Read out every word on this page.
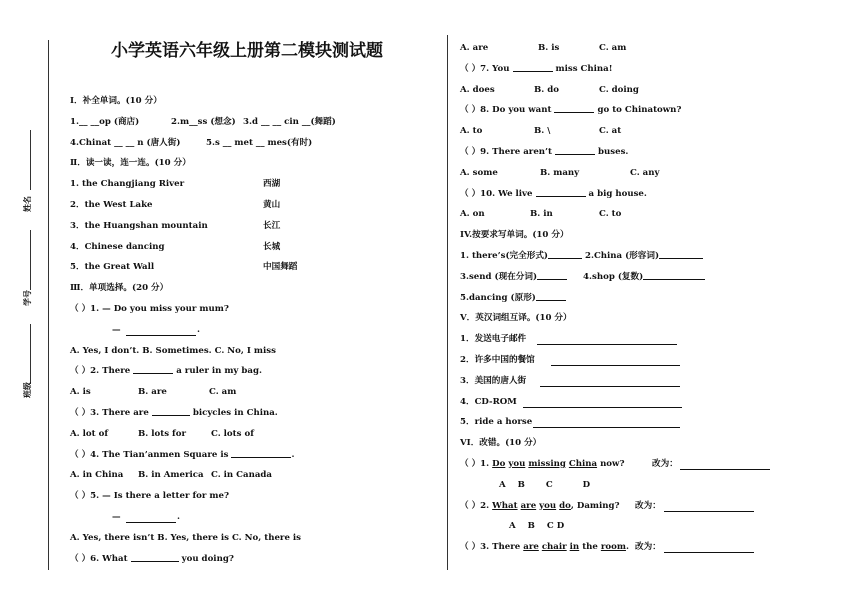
姓名
学号
班级
小学英语六年级上册第二模块测试题
Ⅰ．补全单词。(10 分）
1.__ __op (商店)	2.m__ss (想念) 3.d __ __ cin __(舞蹈)
4.Chinat __ __ n (唐人街)	5.s __ met __ mes(有时)
Ⅱ．读一读，连一连。(10 分）
1. the Changjiang River	西湖
2．the West Lake	黄山
3．the Huangshan mountain	长江
4．Chinese dancing	长城
5．the Great Wall	中国舞蹈
Ⅲ．单项选择。(20 分）
（ ）1. — Do you miss your mum?
—	.
A. Yes, I don’t. B. Sometimes. C. No, I miss
（ ）2. There	a ruler in my bag.
A. is	B. are	C. am
（ ）3. There are	bicycles in China.
A. lot of	B. lots for	C. lots of
（ ）4. The Tian’anmen Square is	.
A. in China B. in America C. in Canada
（ ）5. — Is there a letter for me?
—	.
A. Yes, there isn’t B. Yes, there is C. No, there is
（ ）6. What	you doing?
A. are	B. is	C. am
（ ）7. You	miss China!
A. does	B. do	C. doing
（ ）8. Do you want	go to Chinatown?
A. to	B. \	C. at
（ ）9. There aren’t	buses.
A. some	B. many	C. any
（ ）10. We live	a big house.
A. on	B. in	C. to
IV.按要求写单词。(10 分）
1. there’s(完全形式)	2.China (形容词)
3.send (现在分词)	4.shop (复数)
5.dancing (原形)
V．英汉词组互译。(10 分）
1．发送电子邮件
2．许多中国的餐馆
3．美国的唐人街
4．CD-ROM
5．ride a horse
VI．改错。(10 分）
（ ）1. Do you missing China now?	改为：
A    B       C          D
（ ）2. What are you do, Daming? 改为：
A    B    C D
（ ）3. There are chair in the room. 改为：
